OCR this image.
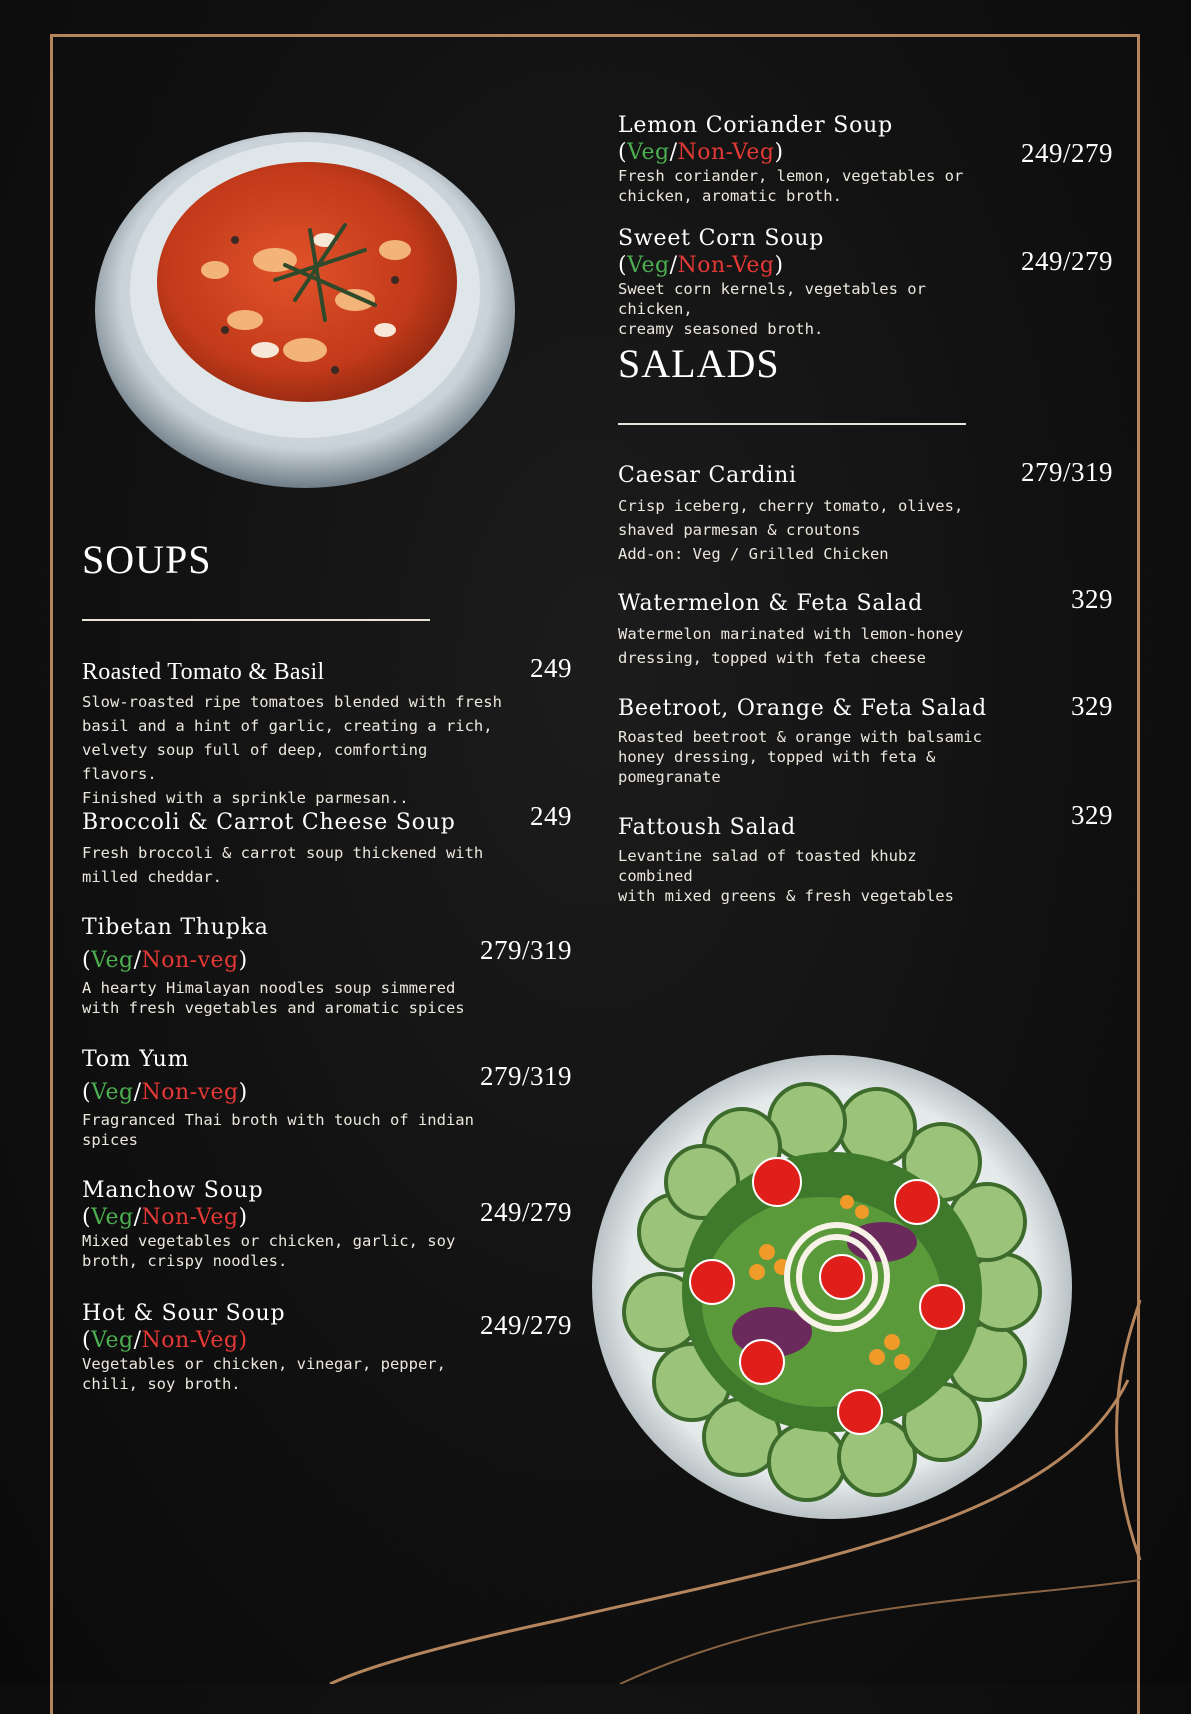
SOUPS
Roasted Tomato & Basil
Slow-roasted ripe tomatoes blended with fresh
basil and a hint of garlic, creating a rich,
velvety soup full of deep, comforting flavors.
Finished with a sprinkle parmesan..
249
Broccoli & Carrot Cheese Soup
Fresh broccoli & carrot soup thickened with
milled cheddar.
249
Tibetan Thupka
(Veg/Non-veg)
A hearty Himalayan noodles soup simmered
with fresh vegetables and aromatic spices
279/319
Tom Yum
(Veg/Non-veg)
Fragranced Thai broth with touch of indian
spices
279/319
Manchow Soup
(Veg/Non-Veg)
Mixed vegetables or chicken, garlic, soy
broth, crispy noodles.
249/279
Hot & Sour Soup
(Veg/Non-Veg)
Vegetables or chicken, vinegar, pepper,
chili, soy broth.
249/279
Lemon Coriander Soup
(Veg/Non-Veg)
Fresh coriander, lemon, vegetables or
chicken, aromatic broth.
249/279
Sweet Corn Soup
(Veg/Non-Veg)
Sweet corn kernels, vegetables or chicken,
creamy seasoned broth.
249/279
SALADS
Caesar Cardini
Crisp iceberg, cherry tomato, olives,
shaved parmesan & croutons
Add-on: Veg / Grilled Chicken
279/319
Watermelon & Feta Salad
Watermelon marinated with lemon-honey
dressing, topped with feta cheese
329
Beetroot, Orange & Feta Salad
Roasted beetroot & orange with balsamic
honey dressing, topped with feta &
pomegranate
329
Fattoush Salad
Levantine salad of toasted khubz combined
with mixed greens & fresh vegetables
329
